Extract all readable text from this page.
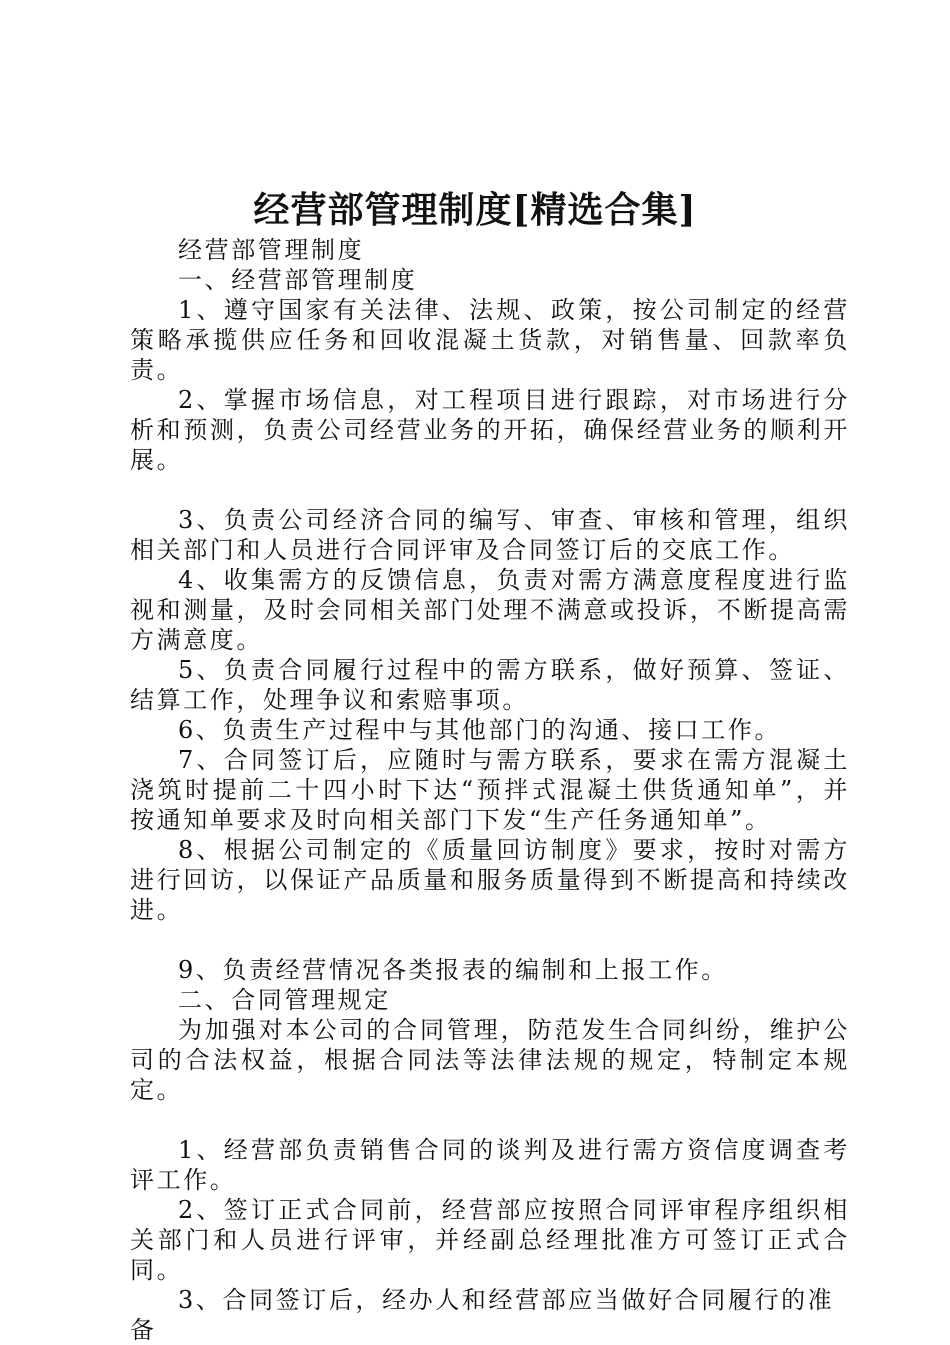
经营部管理制度[精选合集]

经营部管理制度

一、经营部管理制度

1、遵守国家有关法律、法规、政策，按公司制定的经营策略承揽供应任务和回收混凝土货款，对销售量、回款率负责。

2、掌握市场信息，对工程项目进行跟踪，对市场进行分析和预测，负责公司经营业务的开拓，确保经营业务的顺利开展。

3、负责公司经济合同的编写、审查、审核和管理，组织相关部门和人员进行合同评审及合同签订后的交底工作。

4、收集需方的反馈信息，负责对需方满意度程度进行监视和测量，及时会同相关部门处理不满意或投诉，不断提高需方满意度。

5、负责合同履行过程中的需方联系，做好预算、签证、结算工作，处理争议和索赔事项。

6、负责生产过程中与其他部门的沟通、接口工作。

7、合同签订后，应随时与需方联系，要求在需方混凝土浇筑时提前二十四小时下达“预拌式混凝土供货通知单”，并按通知单要求及时向相关部门下发“生产任务通知单”。

8、根据公司制定的《质量回访制度》要求，按时对需方进行回访，以保证产品质量和服务质量得到不断提高和持续改进。

9、负责经营情况各类报表的编制和上报工作。

二、合同管理规定

为加强对本公司的合同管理，防范发生合同纠纷，维护公司的合法权益，根据合同法等法律法规的规定，特制定本规定。

1、经营部负责销售合同的谈判及进行需方资信度调查考评工作。

2、签订正式合同前，经营部应按照合同评审程序组织相关部门和人员进行评审，并经副总经理批准方可签订正式合同。

3、合同签订后，经办人和经营部应当做好合同履行的准备
